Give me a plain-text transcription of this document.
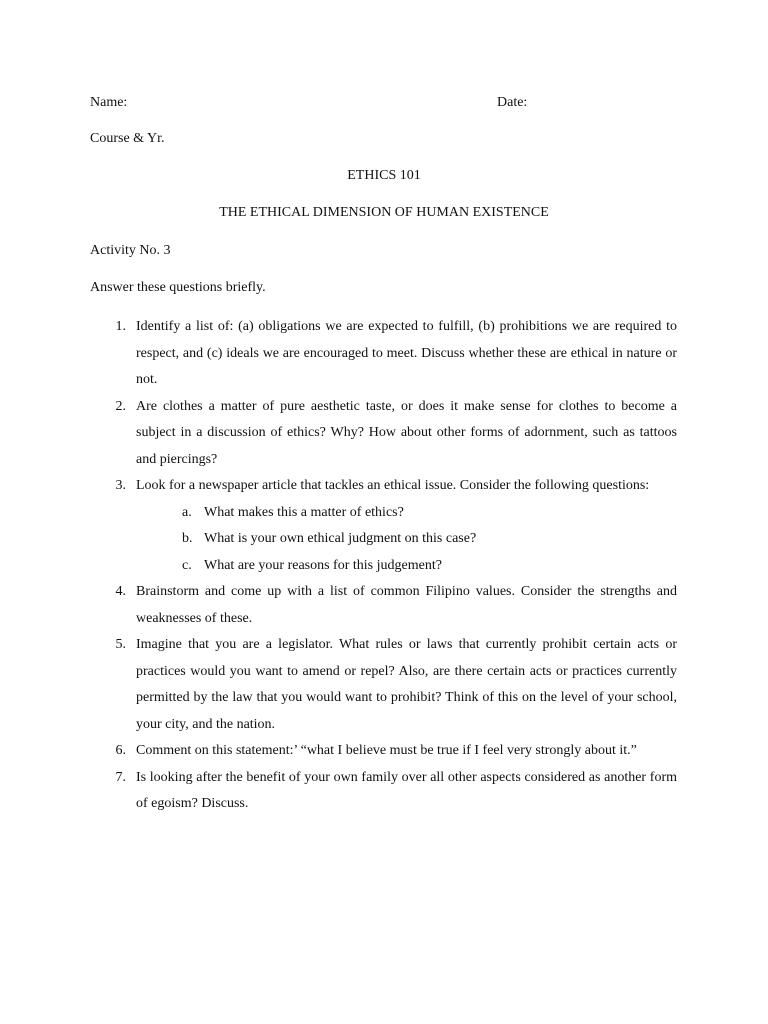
Name:	Date:
Course & Yr.
ETHICS 101
THE ETHICAL DIMENSION OF HUMAN EXISTENCE
Activity No. 3
Answer these questions briefly.
1. Identify a list of: (a) obligations we are expected to fulfill, (b) prohibitions we are required to respect, and (c) ideals we are encouraged to meet. Discuss whether these are ethical in nature or not.
2. Are clothes a matter of pure aesthetic taste, or does it make sense for clothes to become a subject in a discussion of ethics? Why? How about other forms of adornment, such as tattoos and piercings?
3. Look for a newspaper article that tackles an ethical issue. Consider the following questions:
a. What makes this a matter of ethics?
b. What is your own ethical judgment on this case?
c. What are your reasons for this judgement?
4. Brainstorm and come up with a list of common Filipino values. Consider the strengths and weaknesses of these.
5. Imagine that you are a legislator. What rules or laws that currently prohibit certain acts or practices would you want to amend or repel? Also, are there certain acts or practices currently permitted by the law that you would want to prohibit? Think of this on the level of your school, your city, and the nation.
6. Comment on this statement:’ “what I believe must be true if I feel very strongly about it.”
7. Is looking after the benefit of your own family over all other aspects considered as another form of egoism? Discuss.
